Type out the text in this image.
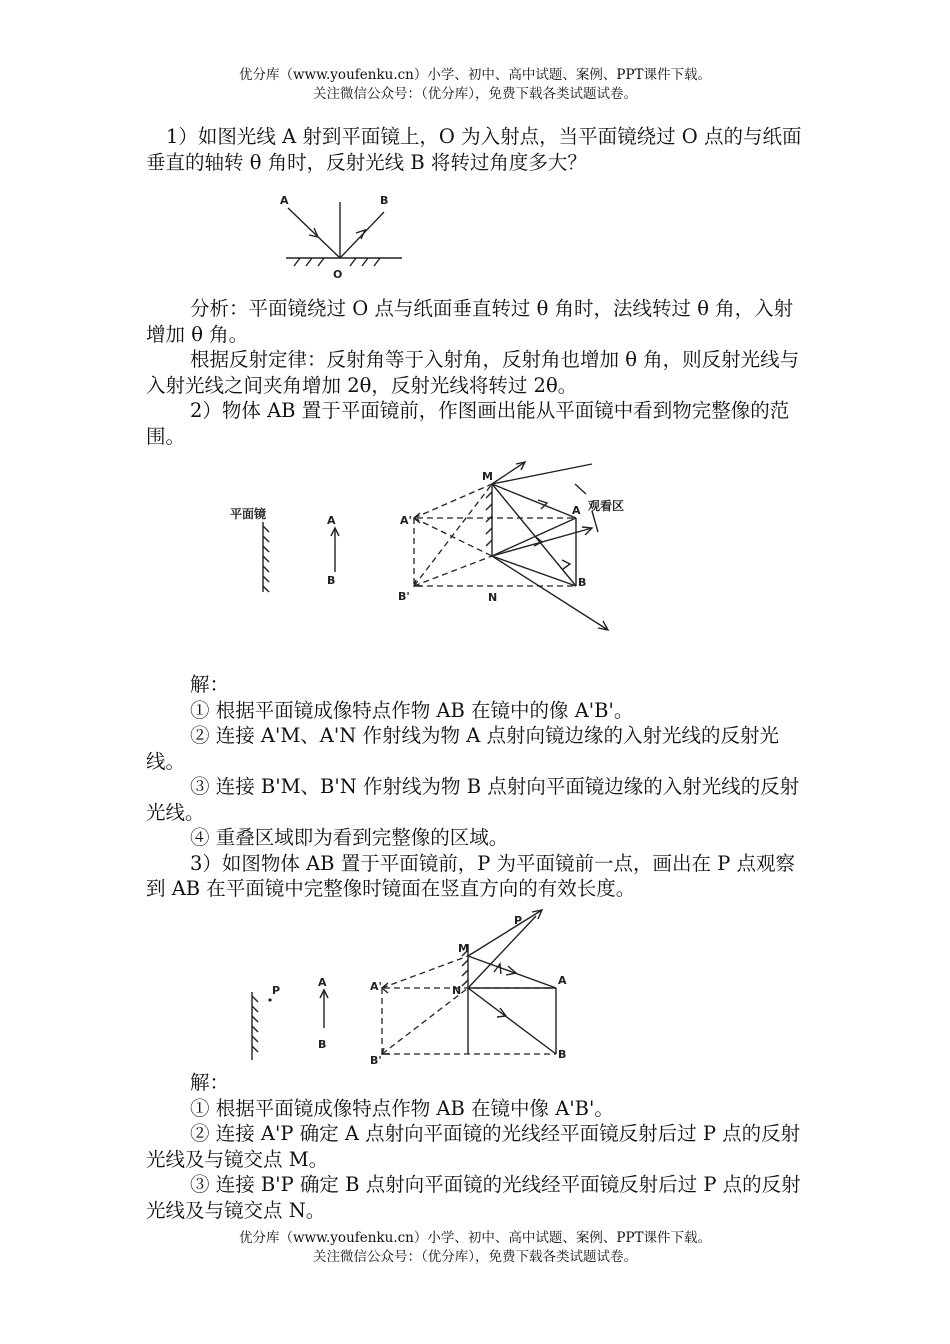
优分库（www.youfenku.cn）小学、初中、高中试题、案例、PPT课件下载。
关注微信公众号：（优分库），免费下载各类试题试卷。

1）如图光线 A 射到平面镜上，O 为入射点，当平面镜绕过 O 点的与纸面垂直的轴转 θ 角时，反射光线 B 将转过角度多大？

A	B
O

分析：平面镜绕过 O 点与纸面垂直转过 θ 角时，法线转过 θ 角，入射增加 θ 角。

根据反射定律：反射角等于入射角，反射角也增加 θ 角，则反射光线与入射光线之间夹角增加 2θ，反射光线将转过 2θ。

2）物体 AB 置于平面镜前，作图画出能从平面镜中看到物完整像的范围。

平面镜	A
B
M
N
A'
B'
A
B
观看区

解：

① 根据平面镜成像特点作物 AB 在镜中的像 A'B'。

② 连接 A'M、A'N 作射线为物 A 点射向镜边缘的入射光线的反射光线。

③ 连接 B'M、B'N 作射线为物 B 点射向平面镜边缘的入射光线的反射光线。

④ 重叠区域即为看到完整像的区域。

3）如图物体 AB 置于平面镜前，P 为平面镜前一点，画出在 P 点观察到 AB 在平面镜中完整像时镜面在竖直方向的有效长度。

P
A
B
M
N
P
A'
B'
A
B

解：

① 根据平面镜成像特点作物 AB 在镜中像 A'B'。

② 连接 A'P 确定 A 点射向平面镜的光线经平面镜反射后过 P 点的反射光线及与镜交点 M。

③ 连接 B'P 确定 B 点射向平面镜的光线经平面镜反射后过 P 点的反射光线及与镜交点 N。

优分库（www.youfenku.cn）小学、初中、高中试题、案例、PPT课件下载。
关注微信公众号：（优分库），免费下载各类试题试卷。
